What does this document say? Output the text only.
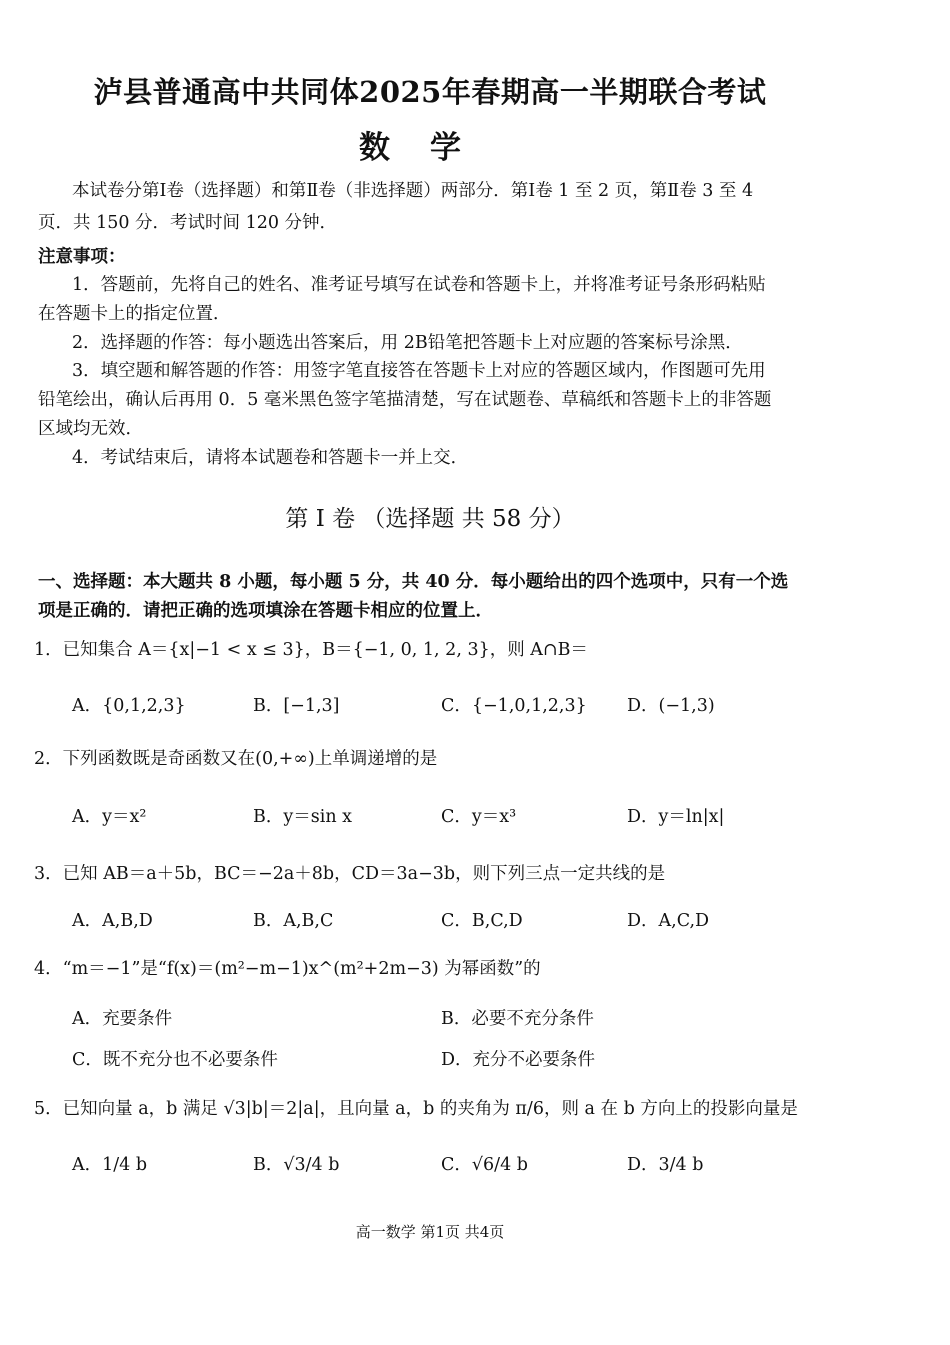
泸县普通高中共同体2025年春期高一半期联合考试
数学
本试卷分第Ⅰ卷（选择题）和第Ⅱ卷（非选择题）两部分．第Ⅰ卷 1 至 2 页，第Ⅱ卷 3 至 4
页．共 150 分．考试时间 120 分钟．
注意事项：
1．答题前，先将自己的姓名、准考证号填写在试卷和答题卡上，并将准考证号条形码粘贴
在答题卡上的指定位置．
2．选择题的作答：每小题选出答案后，用 2B铅笔把答题卡上对应题的答案标号涂黑．
3．填空题和解答题的作答：用签字笔直接答在答题卡上对应的答题区域内，作图题可先用
铅笔绘出，确认后再用 0．5 毫米黑色签字笔描清楚，写在试题卷、草稿纸和答题卡上的非答题
区域均无效．
4．考试结束后，请将本试题卷和答题卡一并上交．
第 I 卷 （选择题 共 58 分）
一、选择题：本大题共 8 小题，每小题 5 分，共 40 分．每小题给出的四个选项中，只有一个选
项是正确的．请把正确的选项填涂在答题卡相应的位置上．
1．已知集合 A＝{x|−1 < x ≤ 3}，B＝{−1, 0, 1, 2, 3}，则 A∩B＝
A．{0,1,2,3}	B．[−1,3]	C．{−1,0,1,2,3} D．(−1,3)
2．下列函数既是奇函数又在(0,+∞)上单调递增的是
A．y＝x²	B．y＝sin x	C．y＝x³	D．y＝ln|x|
3．已知 AB＝a＋5b，BC＝−2a＋8b，CD＝3a−3b，则下列三点一定共线的是
A．A,B,D	B．A,B,C	C．B,C,D	D．A,C,D
4．“m＝−1”是“f(x)＝(m²−m−1)x^(m²+2m−3) 为幂函数”的
A．充要条件	B．必要不充分条件
C．既不充分也不必要条件	D．充分不必要条件
5．已知向量 a，b 满足 √3|b|＝2|a|，且向量 a，b 的夹角为 π/6，则 a 在 b 方向上的投影向量是
A．1/4 b	B．√3/4 b	C．√6/4 b	D．3/4 b
高一数学 第1页 共4页
